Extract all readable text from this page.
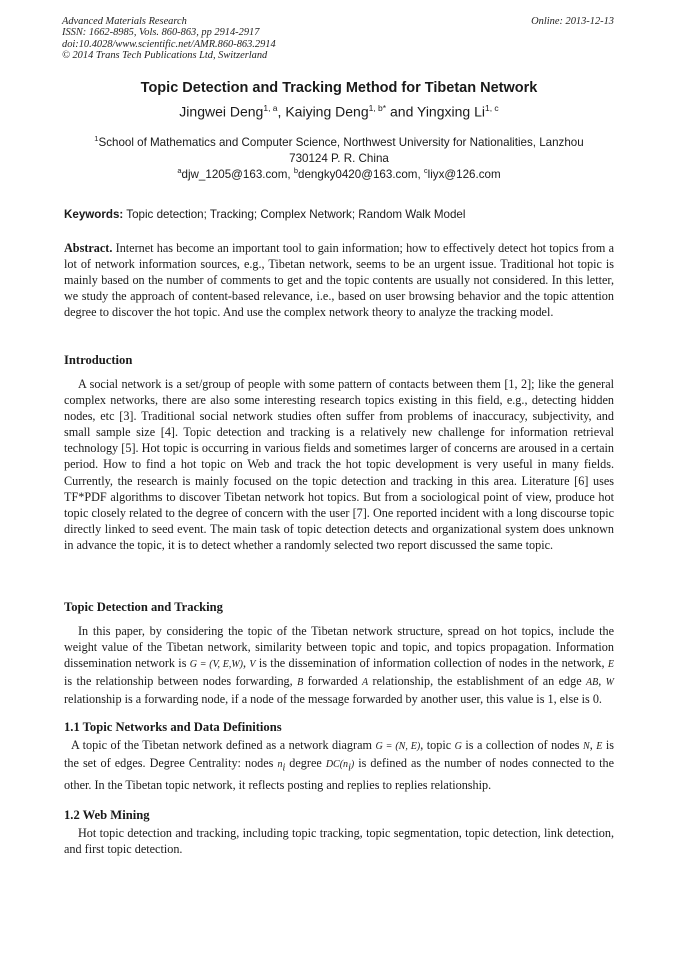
Advanced Materials Research
ISSN: 1662-8985, Vols. 860-863, pp 2914-2917
doi:10.4028/www.scientific.net/AMR.860-863.2914
© 2014 Trans Tech Publications Ltd, Switzerland
Online: 2013-12-13
Topic Detection and Tracking Method for Tibetan Network
Jingwei Deng$^{1, a}$, Kaiying Deng$^{1, b*}$ and Yingxing Li$^{1, c}$
$^1$School of Mathematics and Computer Science, Northwest University for Nationalities, Lanzhou
730124 P. R. China
$^a$djw_1205@163.com, $^b$dengky0420@163.com, $^c$liyx@126.com
Keywords: Topic detection; Tracking; Complex Network; Random Walk Model

Abstract. Internet has become an important tool to gain information; how to effectively detect hot topics from a lot of network information sources, e.g., Tibetan network, seems to be an urgent issue. Traditional hot topic is mainly based on the number of comments to get and the topic contents are usually not considered. In this letter, we study the approach of content-based relevance, i.e., based on user browsing behavior and the topic attention degree to discover the hot topic. And use the complex network theory to analyze the tracking model.

Introduction

A social network is a set/group of people with some pattern of contacts between them [1, 2]; like the general complex networks, there are also some interesting research topics existing in this field, e.g., detecting hidden nodes, etc [3]. Traditional social network studies often suffer from problems of inaccuracy, subjectivity, and small sample size [4]. Topic detection and tracking is a relatively new challenge for information retrieval technology [5]. Hot topic is occurring in various fields and sometimes larger of concerns are aroused in a certain period. How to find a hot topic on Web and track the hot topic development is very useful in many fields. Currently, the research is mainly focused on the topic detection and tracking in this area. Literature [6] uses TF*PDF algorithms to discover Tibetan network hot topics. But from a sociological point of view, produce hot topic closely related to the degree of concern with the user [7]. One reported incident with a long discourse topic directly linked to seed event. The main task of topic detection detects and organizational system does unknown in advance the topic, it is to detect whether a randomly selected two report discussed the same topic.

Topic Detection and Tracking

In this paper, by considering the topic of the Tibetan network structure, spread on hot topics, include the weight value of the Tibetan network, similarity between topic and topic, and topics propagation. Information dissemination network is G = (V, E,W), V is the dissemination of information collection of nodes in the network, E is the relationship between nodes forwarding, B forwarded A relationship, the establishment of an edge AB, W relationship is a forwarding node, if a node of the message forwarded by another user, this value is 1, else is 0.

1.1 Topic Networks and Data Definitions

A topic of the Tibetan network defined as a network diagram G = (N, E), topic G is a collection of nodes N, E is the set of edges. Degree Centrality: nodes $n_i$ degree $DC(n_i)$ is defined as the number of nodes connected to the other. In the Tibetan topic network, it reflects posting and replies to replies relationship.

1.2 Web Mining

Hot topic detection and tracking, including topic tracking, topic segmentation, topic detection, link detection, and first topic detection.
